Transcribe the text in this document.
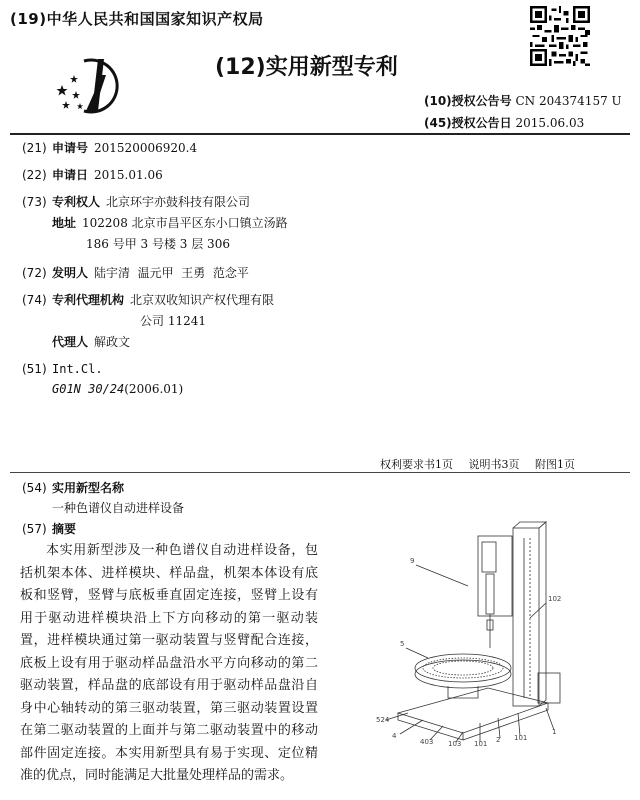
(19)中华人民共和国国家知识产权局
(12)实用新型专利
(10)授权公告号 CN 204374157 U
(45)授权公告日 2015.06.03
(21) 申请号 201520006920.4
(22) 申请日 2015.01.06
(73) 专利权人 北京环宇亦鼓科技有限公司
地址 102208 北京市昌平区东小口镇立汤路
186 号甲 3 号楼 3 层 306
(72) 发明人 陆宇清  温元甲  王勇  范念平
(74) 专利代理机构 北京双收知识产权代理有限
公司 11241
代理人 解政文
(51) Int.Cl.
G01N 30/24(2006.01)
权利要求书1页 说明书3页 附图1页
(54) 实用新型名称
一种色谱仪自动进样设备
(57) 摘要

本实用新型涉及一种色谱仪自动进样设备，包括机架本体、进样模块、样品盘，机架本体设有底板和竖臂，竖臂与底板垂直固定连接，竖臂上设有用于驱动进样模块沿上下方向移动的第一驱动装置，进样模块通过第一驱动装置与竖臂配合连接，底板上设有用于驱动样品盘沿水平方向移动的第二驱动装置，样品盘的底部设有用于驱动样品盘沿自身中心轴转动的第三驱动装置，第三驱动装置设置在第二驱动装置的上面并与第二驱动装置中的移动部件固定连接。本实用新型具有易于实现、定位精准的优点，同时能满足大批量处理样品的需求。

9
102
5
524
4
403 103 101 2 101
1
